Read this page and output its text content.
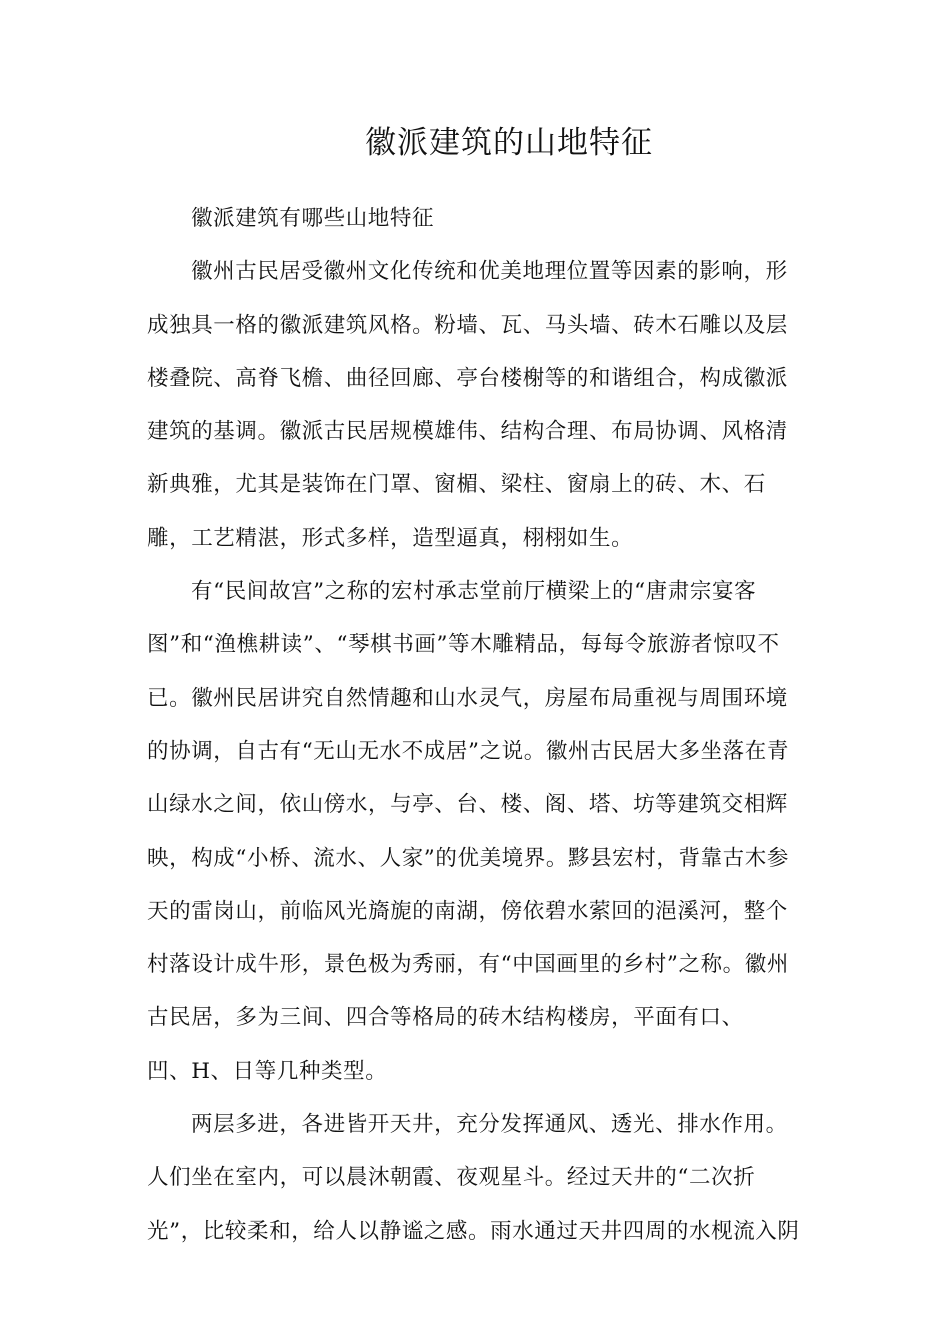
徽派建筑的山地特征
徽派建筑有哪些山地特征
徽州古民居受徽州文化传统和优美地理位置等因素的影响，形
成独具一格的徽派建筑风格。粉墙、瓦、马头墙、砖木石雕以及层
楼叠院、高脊飞檐、曲径回廊、亭台楼榭等的和谐组合，构成徽派
建筑的基调。徽派古民居规模雄伟、结构合理、布局协调、风格清
新典雅，尤其是装饰在门罩、窗楣、梁柱、窗扇上的砖、木、石
雕，工艺精湛，形式多样，造型逼真，栩栩如生。
有“民间故宫”之称的宏村承志堂前厅横梁上的“唐肃宗宴客
图”和“渔樵耕读”、“琴棋书画”等木雕精品，每每令旅游者惊叹不
已。徽州民居讲究自然情趣和山水灵气，房屋布局重视与周围环境
的协调，自古有“无山无水不成居”之说。徽州古民居大多坐落在青
山绿水之间，依山傍水，与亭、台、楼、阁、塔、坊等建筑交相辉
映，构成“小桥、流水、人家”的优美境界。黟县宏村，背靠古木参
天的雷岗山，前临风光旖旎的南湖，傍依碧水萦回的浥溪河，整个
村落设计成牛形，景色极为秀丽，有“中国画里的乡村”之称。徽州
古民居，多为三间、四合等格局的砖木结构楼房，平面有口、
凹、H、日等几种类型。
两层多进，各进皆开天井，充分发挥通风、透光、排水作用。
人们坐在室内，可以晨沐朝霞、夜观星斗。经过天井的“二次折
光”，比较柔和，给人以静谧之感。雨水通过天井四周的水枧流入阴
